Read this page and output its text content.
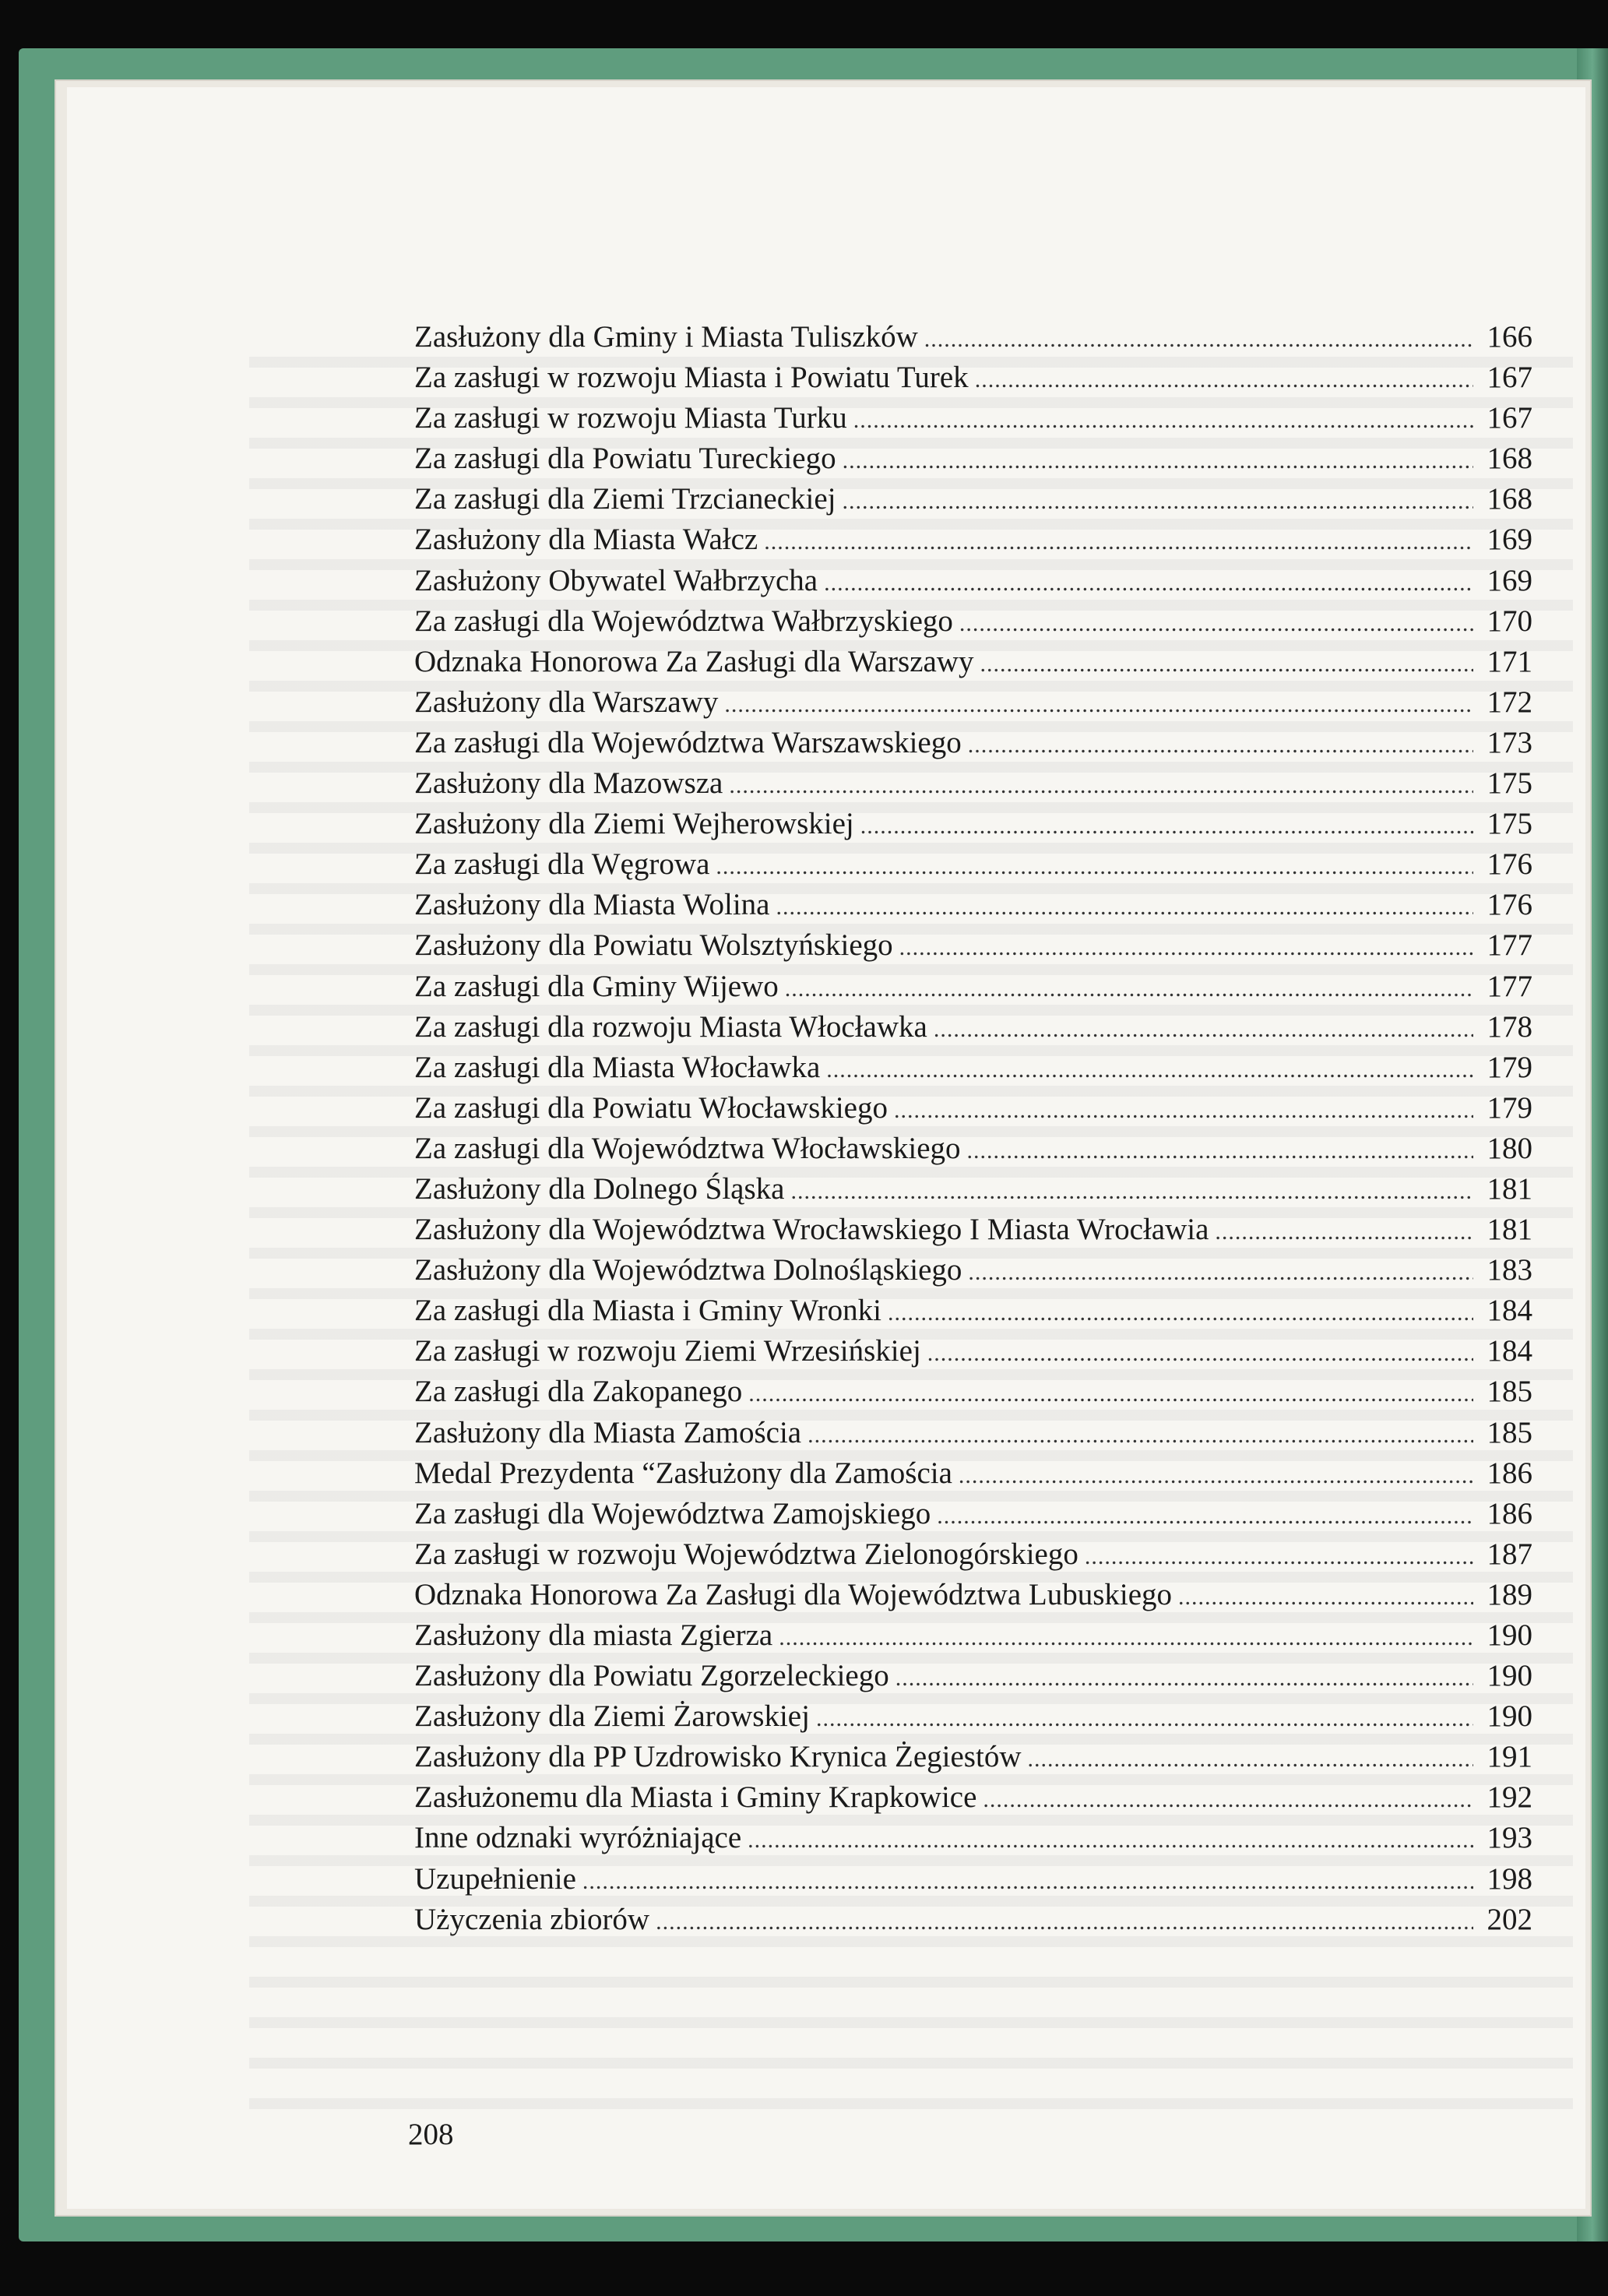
Zasłużony dla Gminy i Miasta Tuliszków .....	166
Za zasługi w rozwoju Miasta i Powiatu Turek .....	167
Za zasługi w rozwoju Miasta Turku .....	167
Za zasługi dla Powiatu Tureckiego .....	168
Za zasługi dla Ziemi Trzcianeckiej .....	168
Zasłużony dla Miasta Wałcz .....	169
Zasłużony Obywatel Wałbrzycha .....	169
Za zasługi dla Województwa Wałbrzyskiego .....	170
Odznaka Honorowa Za Zasługi dla Warszawy .....	171
Zasłużony dla Warszawy .....	172
Za zasługi dla Województwa Warszawskiego .....	173
Zasłużony dla Mazowsza .....	175
Zasłużony dla Ziemi Wejherowskiej .....	175
Za zasługi dla Węgrowa .....	176
Zasłużony dla Miasta Wolina .....	176
Zasłużony dla Powiatu Wolsztyńskiego .....	177
Za zasługi dla Gminy Wijewo .....	177
Za zasługi dla rozwoju Miasta Włocławka .....	178
Za zasługi dla Miasta Włocławka .....	179
Za zasługi dla Powiatu Włocławskiego .....	179
Za zasługi dla Województwa Włocławskiego .....	180
Zasłużony dla Dolnego Śląska .....	181
Zasłużony dla Województwa Wrocławskiego I Miasta Wrocławia .....	181
Zasłużony dla Województwa Dolnośląskiego .....	183
Za zasługi dla Miasta i Gminy Wronki .....	184
Za zasługi w rozwoju Ziemi Wrzesińskiej .....	184
Za zasługi dla Zakopanego .....	185
Zasłużony dla Miasta Zamościa .....	185
Medal Prezydenta “Zasłużony dla Zamościa .....	186
Za zasługi dla Województwa Zamojskiego .....	186
Za zasługi w rozwoju Województwa Zielonogórskiego .....	187
Odznaka Honorowa Za Zasługi dla Województwa Lubuskiego .....	189
Zasłużony dla miasta Zgierza .....	190
Zasłużony dla Powiatu Zgorzeleckiego .....	190
Zasłużony dla Ziemi Żarowskiej .....	190
Zasłużony dla PP Uzdrowisko Krynica Żegiestów .....	191
Zasłużonemu dla Miasta i Gminy Krapkowice .....	192
Inne odznaki wyróżniające .....	193
Uzupełnienie .....	198
Użyczenia zbiorów .....	202
208
